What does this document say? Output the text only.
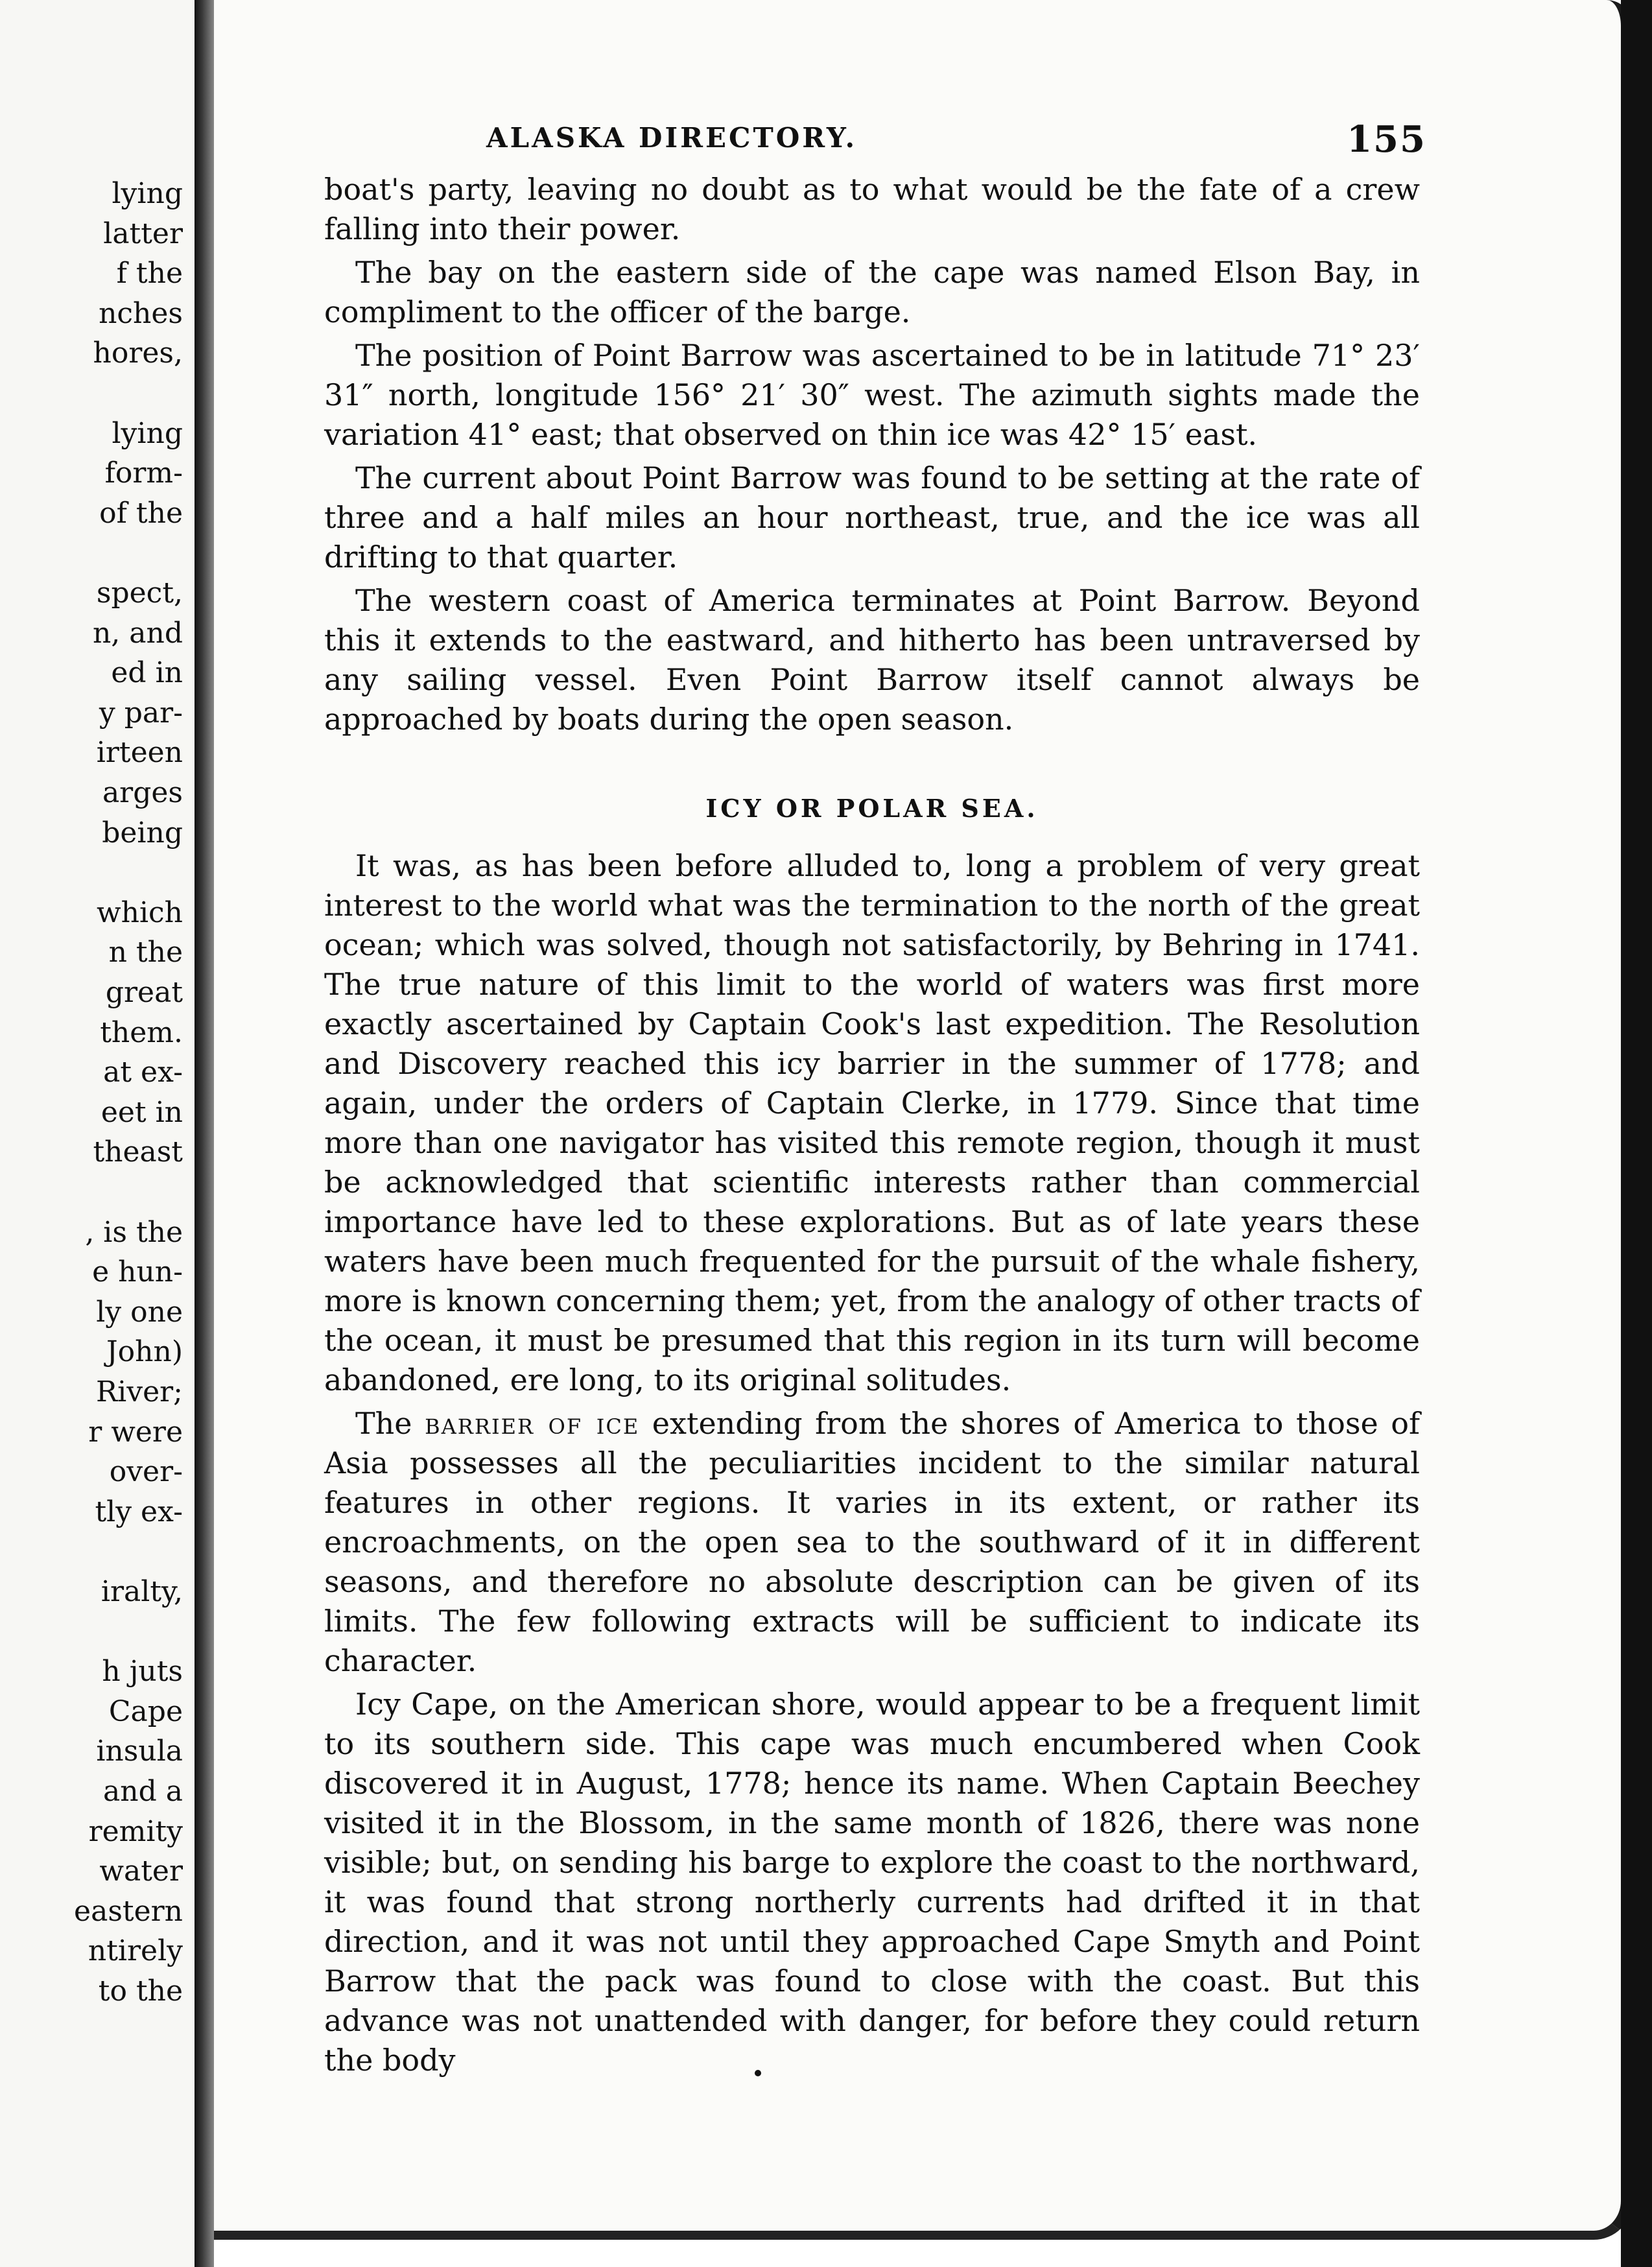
lying
latter
f the
nches
hores,
lying
form-
of the
spect,
n, and
ed in
y par-
irteen
arges
being
which
n the
great
them.
at ex-
eet in
theast
, is the
e hun-
ly one
John)
River;
r were
over-
tly ex-
iralty,
h juts
Cape
insula
and a
remity
water
eastern
ntirely
to the
ALASKA DIRECTORY.	155

boat's party, leaving no doubt as to what would be the fate of a crew falling into their power.

The bay on the eastern side of the cape was named Elson Bay, in compliment to the officer of the barge.

The position of Point Barrow was ascertained to be in latitude 71° 23′ 31″ north, longitude 156° 21′ 30″ west. The azimuth sights made the variation 41° east; that observed on thin ice was 42° 15′ east.

The current about Point Barrow was found to be setting at the rate of three and a half miles an hour northeast, true, and the ice was all drifting to that quarter.

The western coast of America terminates at Point Barrow. Beyond this it extends to the eastward, and hitherto has been untraversed by any sailing vessel. Even Point Barrow itself cannot always be approached by boats during the open season.

ICY OR POLAR SEA.

It was, as has been before alluded to, long a problem of very great interest to the world what was the termination to the north of the great ocean; which was solved, though not satisfactorily, by Behring in 1741. The true nature of this limit to the world of waters was first more exactly ascertained by Captain Cook's last expedition. The Resolution and Discovery reached this icy barrier in the summer of 1778; and again, under the orders of Captain Clerke, in 1779. Since that time more than one navigator has visited this remote region, though it must be acknowledged that scientific interests rather than commercial importance have led to these explorations. But as of late years these waters have been much frequented for the pursuit of the whale fishery, more is known concerning them; yet, from the analogy of other tracts of the ocean, it must be presumed that this region in its turn will become abandoned, ere long, to its original solitudes.

The barrier of ice extending from the shores of America to those of Asia possesses all the peculiarities incident to the similar natural features in other regions. It varies in its extent, or rather its encroachments, on the open sea to the southward of it in different seasons, and therefore no absolute description can be given of its limits. The few following extracts will be sufficient to indicate its character.

Icy Cape, on the American shore, would appear to be a frequent limit to its southern side. This cape was much encumbered when Cook discovered it in August, 1778; hence its name. When Captain Beechey visited it in the Blossom, in the same month of 1826, there was none visible; but, on sending his barge to explore the coast to the northward, it was found that strong northerly currents had drifted it in that direction, and it was not until they approached Cape Smyth and Point Barrow that the pack was found to close with the coast. But this advance was not unattended with danger, for before they could return the body
